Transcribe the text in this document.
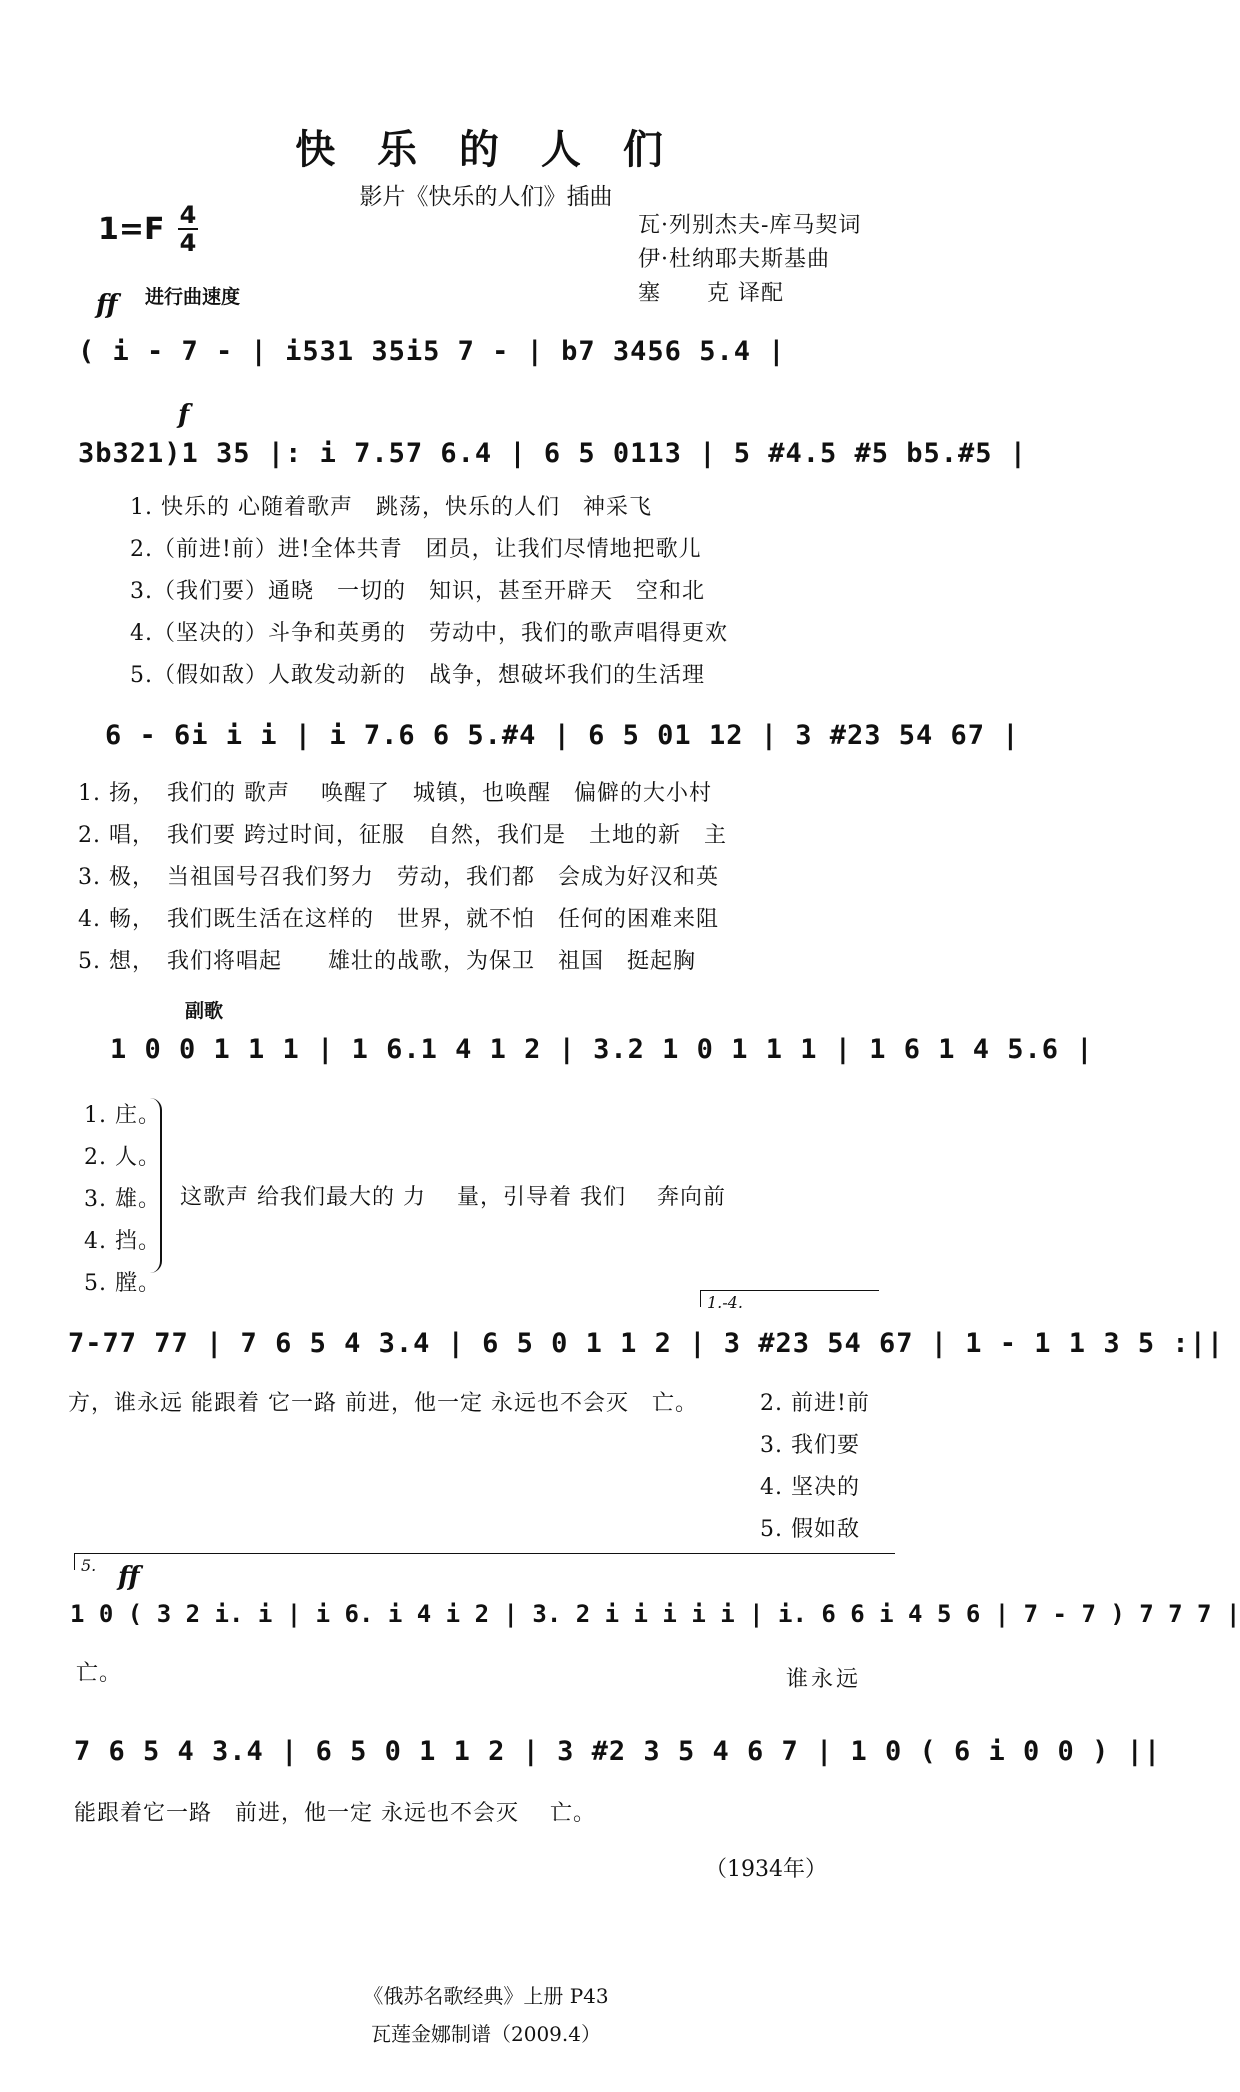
快 乐 的 人 们
影片《快乐的人们》插曲
1=F 4
4
瓦·列别杰夫-库马契词
伊·杜纳耶夫斯基曲
塞　　克 译配
ff 进行曲速度
( i - 7 - | i531 35i5 7 - | b7 3456 5.4 |
f
3b321)1 35 |: i 7.57 6.4 | 6 5 0113 | 5 #4.5 #5 b5.#5 |
1. 快乐的 心随着歌声　跳荡，快乐的人们　神采飞
2.（前进!前）进!全体共青　团员，让我们尽情地把歌儿
3.（我们要）通晓　一切的　知识，甚至开辟天　空和北
4.（坚决的）斗争和英勇的　劳动中，我们的歌声唱得更欢
5.（假如敌）人敢发动新的　战争，想破坏我们的生活理
6 - 6i i i | i 7.6 6 5.#4 | 6 5 01 12 | 3 #23 54 67 |
1. 扬，　我们的 歌声　 唤醒了　城镇，也唤醒　偏僻的大小村
2. 唱，　我们要 跨过时间，征服　自然，我们是　土地的新　主
3. 极，　当祖国号召我们努力　劳动，我们都　会成为好汉和英
4. 畅，　我们既生活在这样的　世界，就不怕　任何的困难来阻
5. 想，　我们将唱起　　雄壮的战歌，为保卫　祖国　挺起胸
副歌
1 0 0 1 1 1 | 1 6.1 4 1 2 | 3.2 1 0 1 1 1 | 1 6 1 4 5.6 |
1. 庄。
2. 人。
3. 雄。
4. 挡。
5. 膛。
这歌声 给我们最大的 力　 量，引导着 我们　 奔向前
1.-4.
7-77 77 | 7 6 5 4 3.4 | 6 5 0 1 1 2 | 3 #23 54 67 | 1 - 1 1 3 5 :||
方，谁永远 能跟着 它一路 前进，他一定 永远也不会灭　亡。	2. 前进!前
3. 我们要
4. 坚决的
5. 假如敌
5. ff
1 0 ( 3 2 i. i | i 6. i 4 i 2 | 3. 2 i i i i i | i. 6 6 i 4 5 6 | 7 - 7 ) 7 7 7 |
亡。	谁永远
7 6 5 4 3.4 | 6 5 0 1 1 2 | 3 #2 3 5 4 6 7 | 1 0 ( 6 i 0 0 ) ||
能跟着它一路　前进，他一定 永远也不会灭　 亡。
（1934年）
《俄苏名歌经典》上册 P43
瓦莲金娜制谱（2009.4）
